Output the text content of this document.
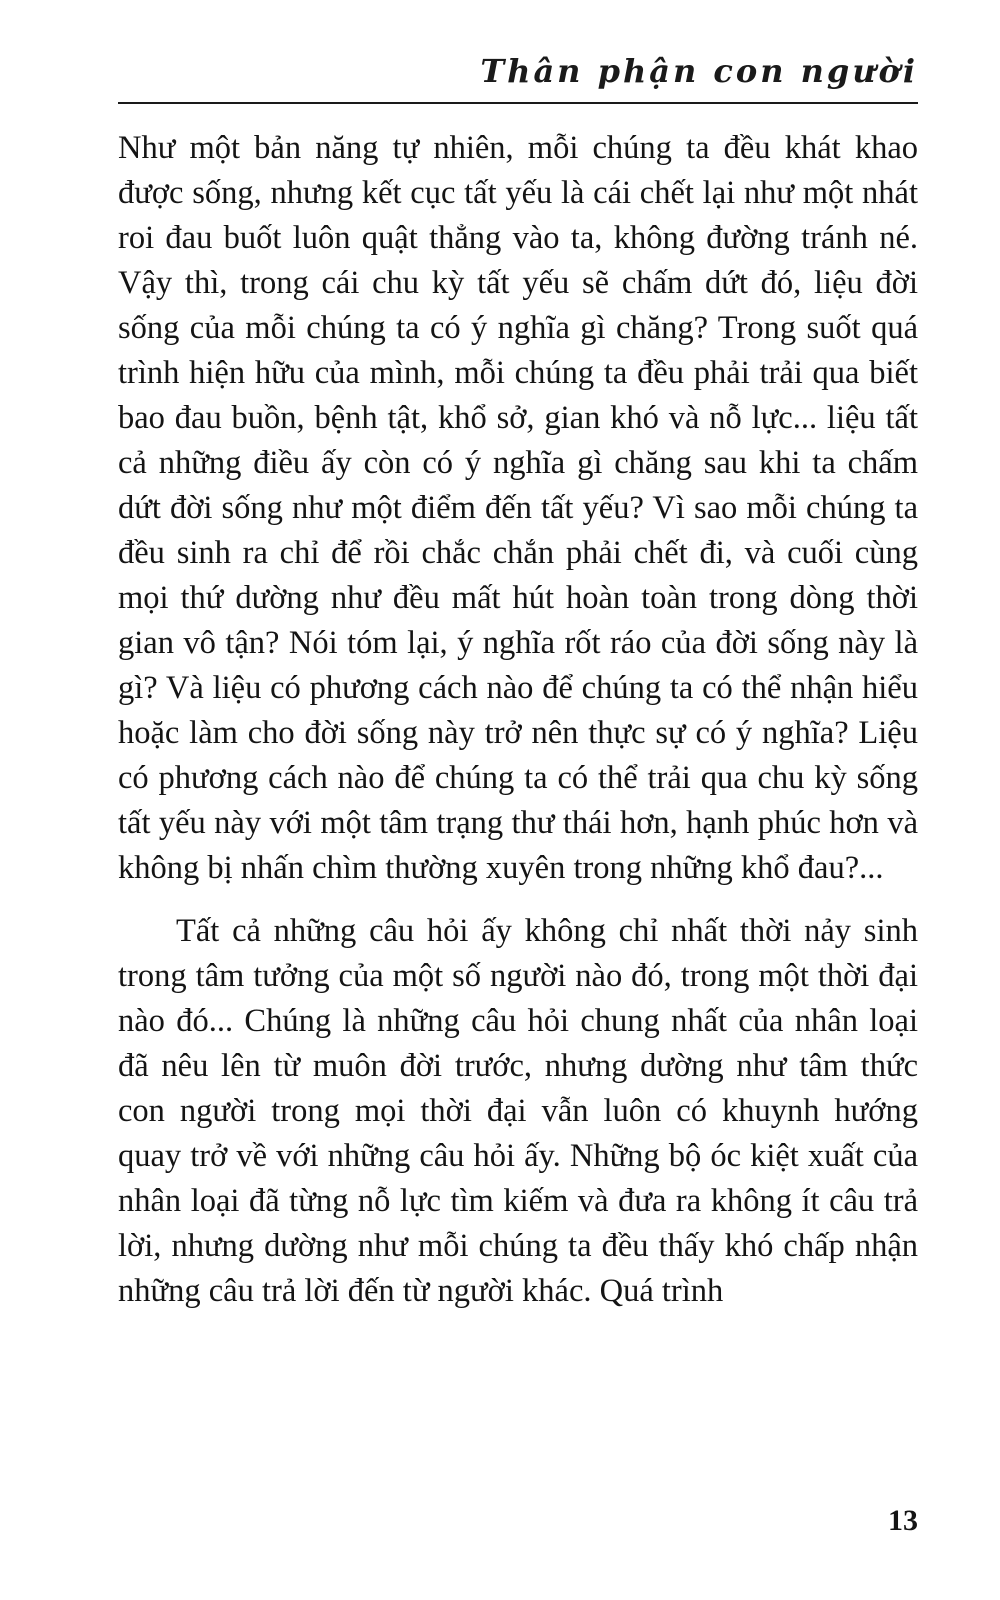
Thân phận con người

Như một bản năng tự nhiên, mỗi chúng ta đều khát khao được sống, nhưng kết cục tất yếu là cái chết lại như một nhát roi đau buốt luôn quật thẳng vào ta, không đường tránh né. Vậy thì, trong cái chu kỳ tất yếu sẽ chấm dứt đó, liệu đời sống của mỗi chúng ta có ý nghĩa gì chăng? Trong suốt quá trình hiện hữu của mình, mỗi chúng ta đều phải trải qua biết bao đau buồn, bệnh tật, khổ sở, gian khó và nỗ lực... liệu tất cả những điều ấy còn có ý nghĩa gì chăng sau khi ta chấm dứt đời sống như một điểm đến tất yếu? Vì sao mỗi chúng ta đều sinh ra chỉ để rồi chắc chắn phải chết đi, và cuối cùng mọi thứ dường như đều mất hút hoàn toàn trong dòng thời gian vô tận? Nói tóm lại, ý nghĩa rốt ráo của đời sống này là gì? Và liệu có phương cách nào để chúng ta có thể nhận hiểu hoặc làm cho đời sống này trở nên thực sự có ý nghĩa? Liệu có phương cách nào để chúng ta có thể trải qua chu kỳ sống tất yếu này với một tâm trạng thư thái hơn, hạnh phúc hơn và không bị nhấn chìm thường xuyên trong những khổ đau?...

Tất cả những câu hỏi ấy không chỉ nhất thời nảy sinh trong tâm tưởng của một số người nào đó, trong một thời đại nào đó... Chúng là những câu hỏi chung nhất của nhân loại đã nêu lên từ muôn đời trước, nhưng dường như tâm thức con người trong mọi thời đại vẫn luôn có khuynh hướng quay trở về với những câu hỏi ấy. Những bộ óc kiệt xuất của nhân loại đã từng nỗ lực tìm kiếm và đưa ra không ít câu trả lời, nhưng dường như mỗi chúng ta đều thấy khó chấp nhận những câu trả lời đến từ người khác. Quá trình

13
